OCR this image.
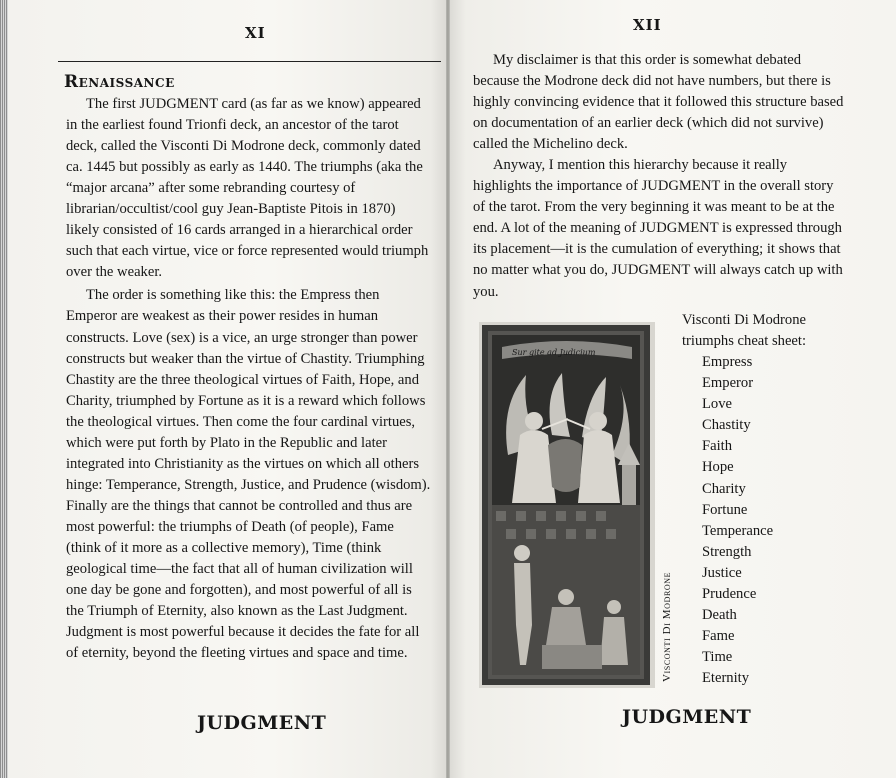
XI
Renaissance

The first JUDGMENT card (as far as we know) appeared in the earliest found Trionfi deck, an ancestor of the tarot deck, called the Visconti Di Modrone deck, commonly dated ca. 1445 but possibly as early as 1440. The triumphs (aka the “major arcana” after some rebranding courtesy of librarian/occultist/cool guy Jean-Baptiste Pitois in 1870) likely consisted of 16 cards arranged in a hierarchical order such that each virtue, vice or force represented would triumph over the weaker.

The order is something like this: the Empress then Emperor are weakest as their power resides in human constructs. Love (sex) is a vice, an urge stronger than power constructs but weaker than the virtue of Chastity. Triumphing Chastity are the three theological virtues of Faith, Hope, and Charity, triumphed by Fortune as it is a reward which follows the theological virtues. Then come the four cardinal virtues, which were put forth by Plato in the Republic and later integrated into Christianity as the virtues on which all others hinge: Temperance, Strength, Justice, and Prudence (wisdom). Finally are the things that cannot be controlled and thus are most powerful: the triumphs of Death (of people), Fame (think of it more as a collective memory), Time (think geological time—the fact that all of human civilization will one day be gone and forgotten), and most powerful of all is the Triumph of Eternity, also known as the Last Judgment. Judgment is most powerful because it decides the fate for all of eternity, beyond the fleeting virtues and space and time.

JUDGMENT
XII

My disclaimer is that this order is somewhat debated because the Modrone deck did not have numbers, but there is highly convincing evidence that it followed this structure based on documentation of an earlier deck (which did not survive) called the Michelino deck.

Anyway, I mention this hierarchy because it really highlights the importance of JUDGMENT in the overall story of the tarot. From the very beginning it was meant to be at the end. A lot of the meaning of JUDGMENT is expressed through its placement—it is the cumulation of everything; it shows that no matter what you do, JUDGMENT will always catch up with you.

Sur gite ad Judicium
Visconti Di Modrone
Visconti Di Modrone
triumphs cheat sheet:
Empress
Emperor
Love
Chastity
Faith
Hope
Charity
Fortune
Temperance
Strength
Justice
Prudence
Death
Fame
Time
Eternity
JUDGMENT
